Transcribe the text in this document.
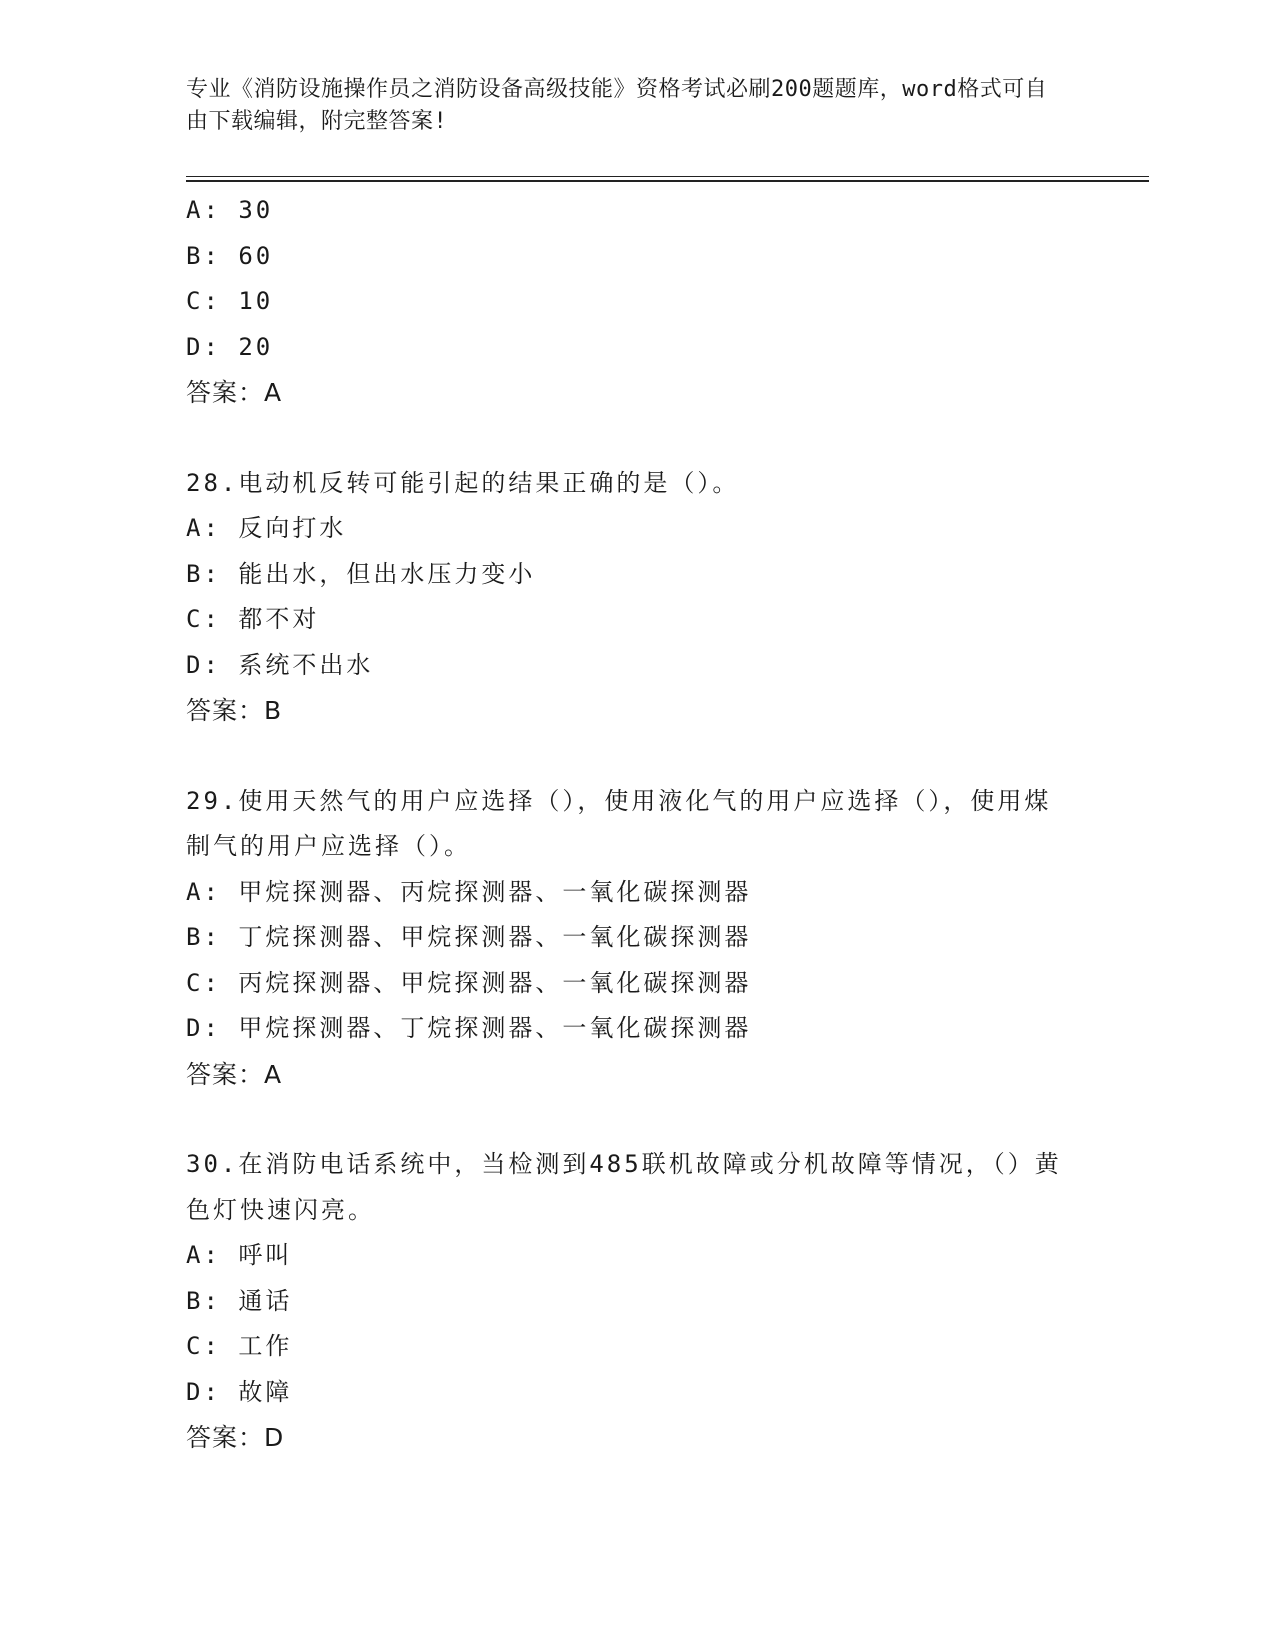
专业《消防设施操作员之消防设备高级技能》资格考试必刷200题题库，word格式可自由下载编辑，附完整答案!
A: 30
B: 60
C: 10
D: 20
答案：A
28.电动机反转可能引起的结果正确的是（）。
A: 反向打水
B: 能出水，但出水压力变小
C: 都不对
D: 系统不出水
答案：B
29.使用天然气的用户应选择（），使用液化气的用户应选择（），使用煤制气的用户应选择（）。
A: 甲烷探测器、丙烷探测器、一氧化碳探测器
B: 丁烷探测器、甲烷探测器、一氧化碳探测器
C: 丙烷探测器、甲烷探测器、一氧化碳探测器
D: 甲烷探测器、丁烷探测器、一氧化碳探测器
答案：A
30.在消防电话系统中，当检测到485联机故障或分机故障等情况，（）黄色灯快速闪亮。
A: 呼叫
B: 通话
C: 工作
D: 故障
答案：D
